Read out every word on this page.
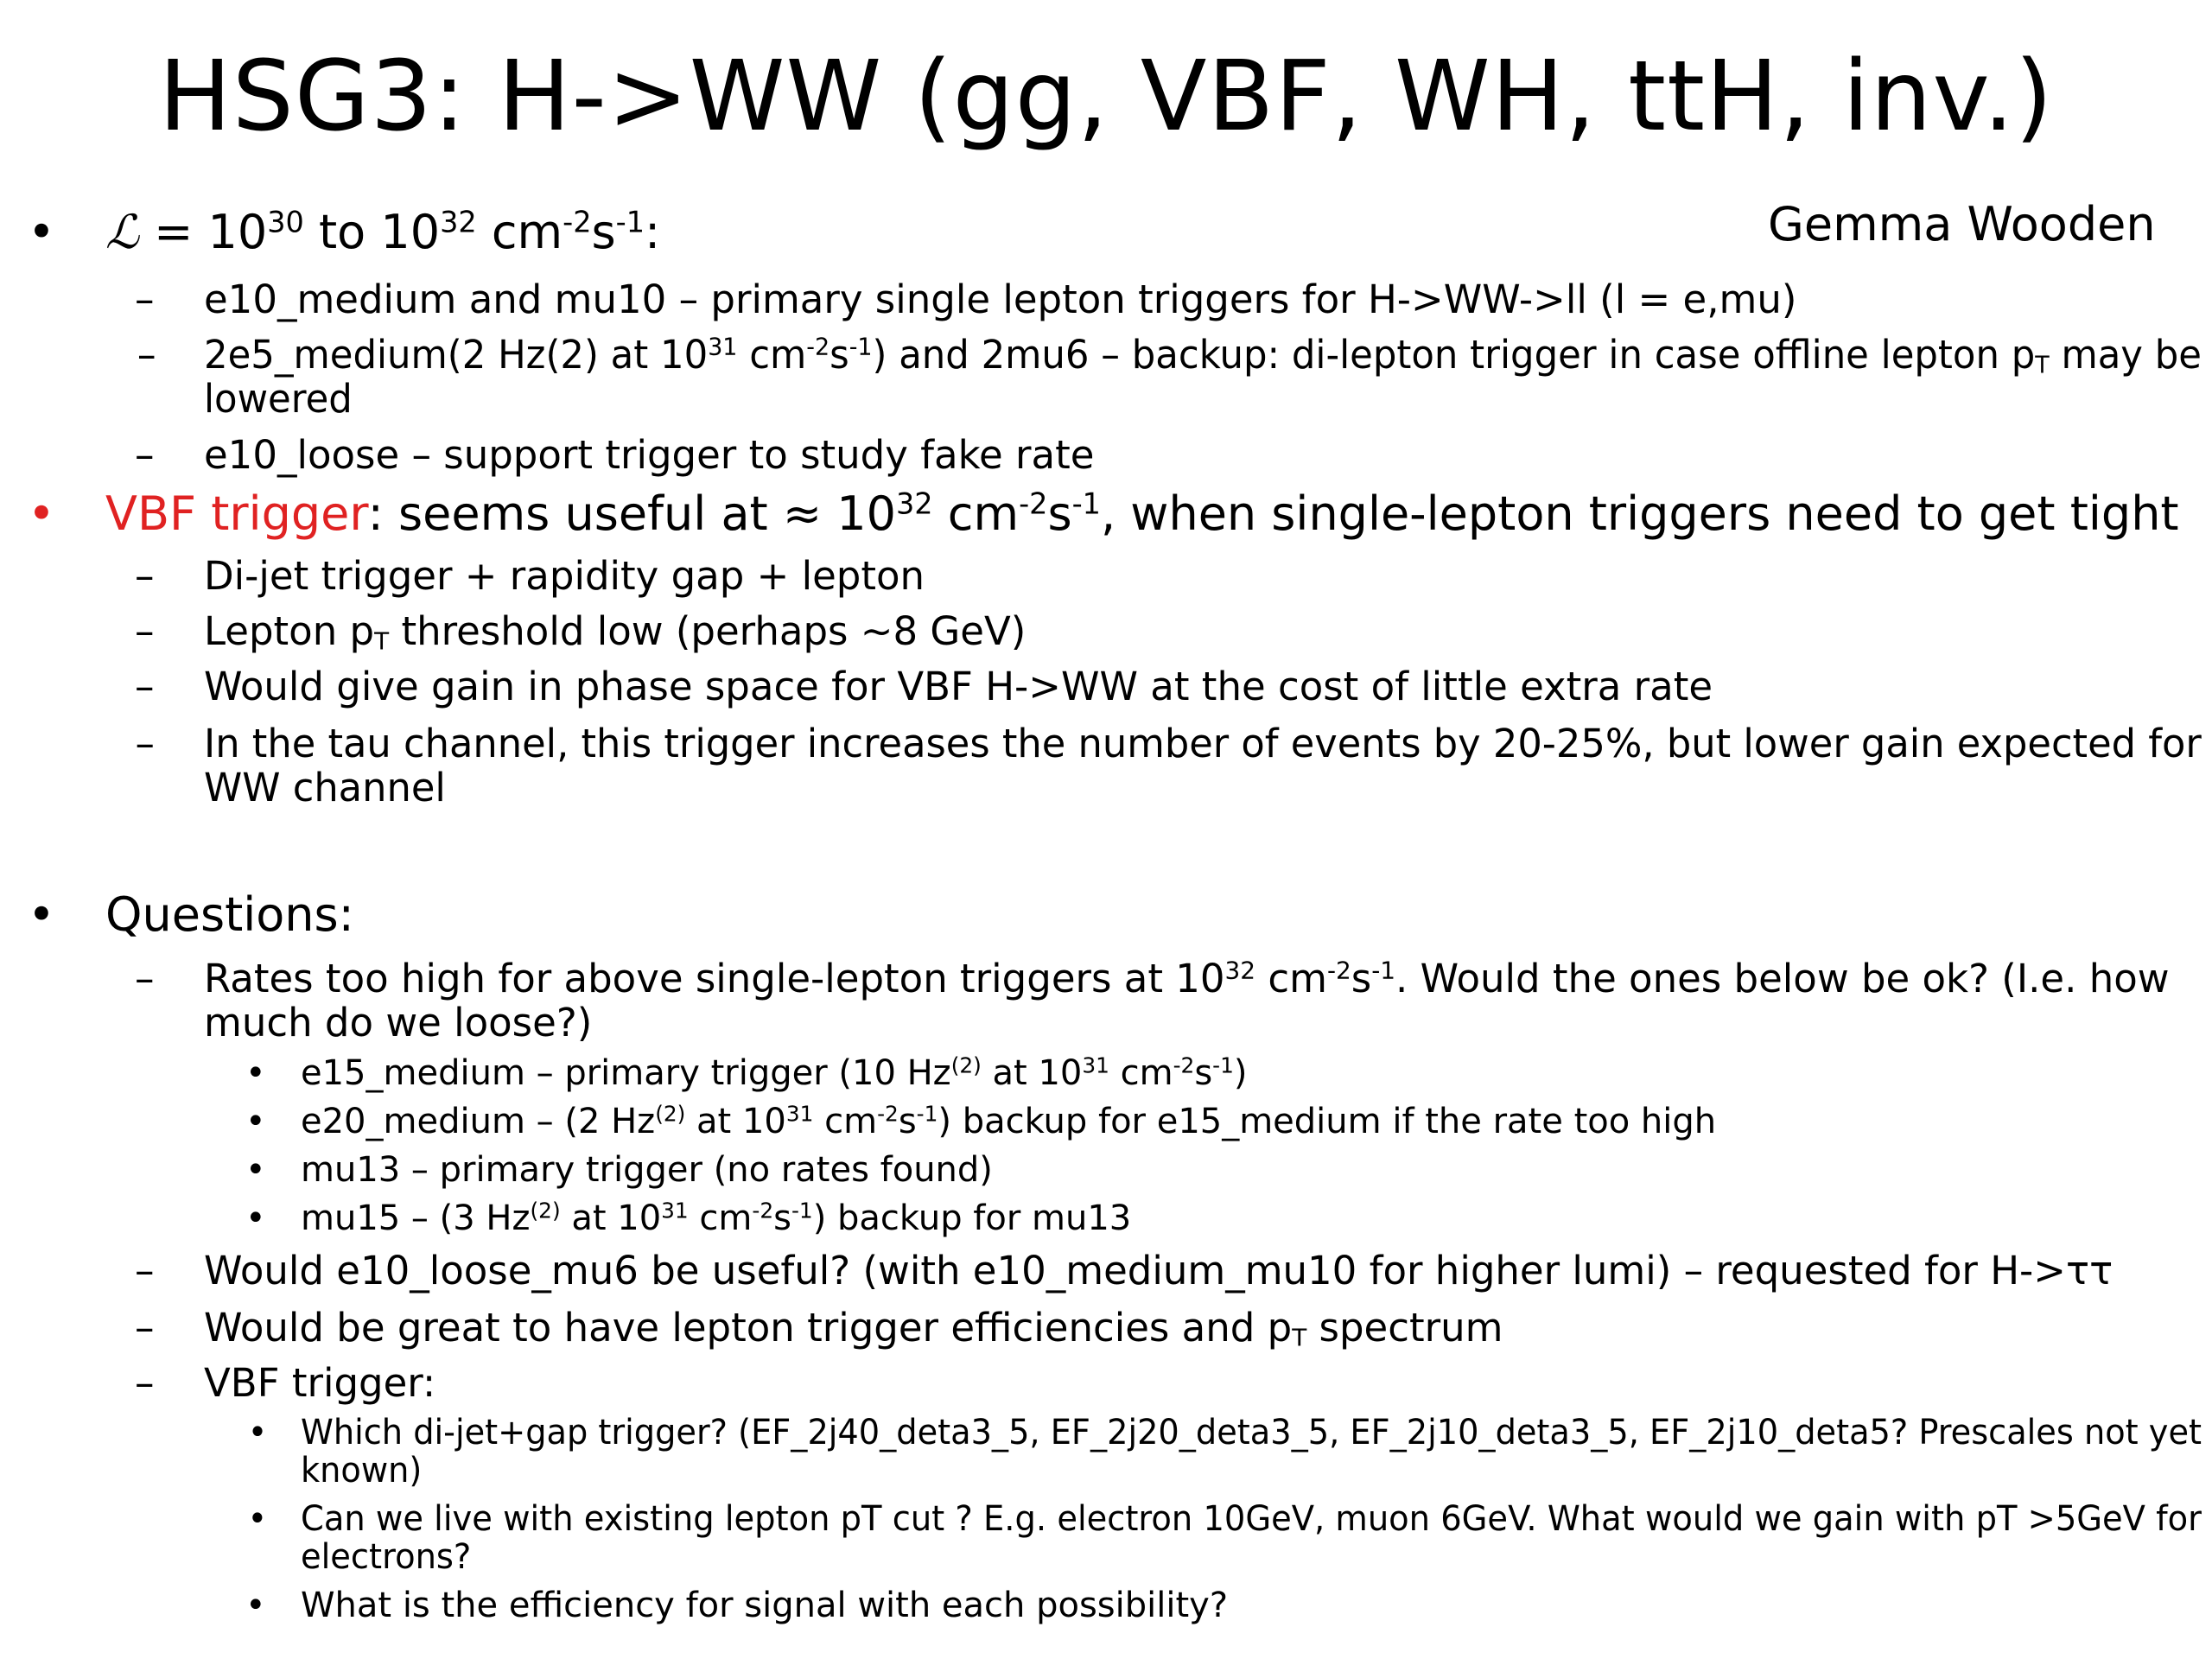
HSG3: H->WW (gg, VBF, WH, ttH, inv.)
Gemma Wooden
• ℒ = $10^{30}$ to $10^{32}$ $cm^{-2}s^{-1}$:
– e10_medium and mu10 – primary single lepton triggers for H->WW->ll (l = e,mu)
– 2e5_medium(2 Hz(2) at $10^{31}$ $cm^{-2}s^{-1}$) and 2mu6 – backup: di-lepton trigger in case offline lepton $p_T$ may be
lowered
– e10_loose – support trigger to study fake rate
• VBF trigger: seems useful at ≈ $10^{32}$ $cm^{-2}s^{-1}$, when single-lepton triggers need to get tight
– Di-jet trigger + rapidity gap + lepton
– Lepton $p_T$ threshold low (perhaps ~8 GeV)
– Would give gain in phase space for VBF H->WW at the cost of little extra rate
– In the tau channel, this trigger increases the number of events by 20-25%, but lower gain expected for
WW channel
• Questions:
– Rates too high for above single-lepton triggers at $10^{32}$ $cm^{-2}s^{-1}$. Would the ones below be ok? (I.e. how
much do we loose?)
• e15_medium – primary trigger (10 Hz$^{(2)}$ at $10^{31}$ $cm^{-2}s^{-1}$)
• e20_medium – (2 Hz$^{(2)}$ at $10^{31}$ $cm^{-2}s^{-1}$) backup for e15_medium if the rate too high
• mu13 – primary trigger (no rates found)
• mu15 – (3 Hz$^{(2)}$ at $10^{31}$ $cm^{-2}s^{-1}$) backup for mu13
– Would e10_loose_mu6 be useful? (with e10_medium_mu10 for higher lumi) – requested for H->ττ
– Would be great to have lepton trigger efficiencies and $p_T$ spectrum
– VBF trigger:
• Which di-jet+gap trigger? (EF_2j40_deta3_5, EF_2j20_deta3_5, EF_2j10_deta3_5, EF_2j10_deta5? Prescales not yet
known)
• Can we live with existing lepton pT cut ? E.g. electron 10GeV, muon 6GeV. What would we gain with pT >5GeV for
electrons?
• What is the efficiency for signal with each possibility?
